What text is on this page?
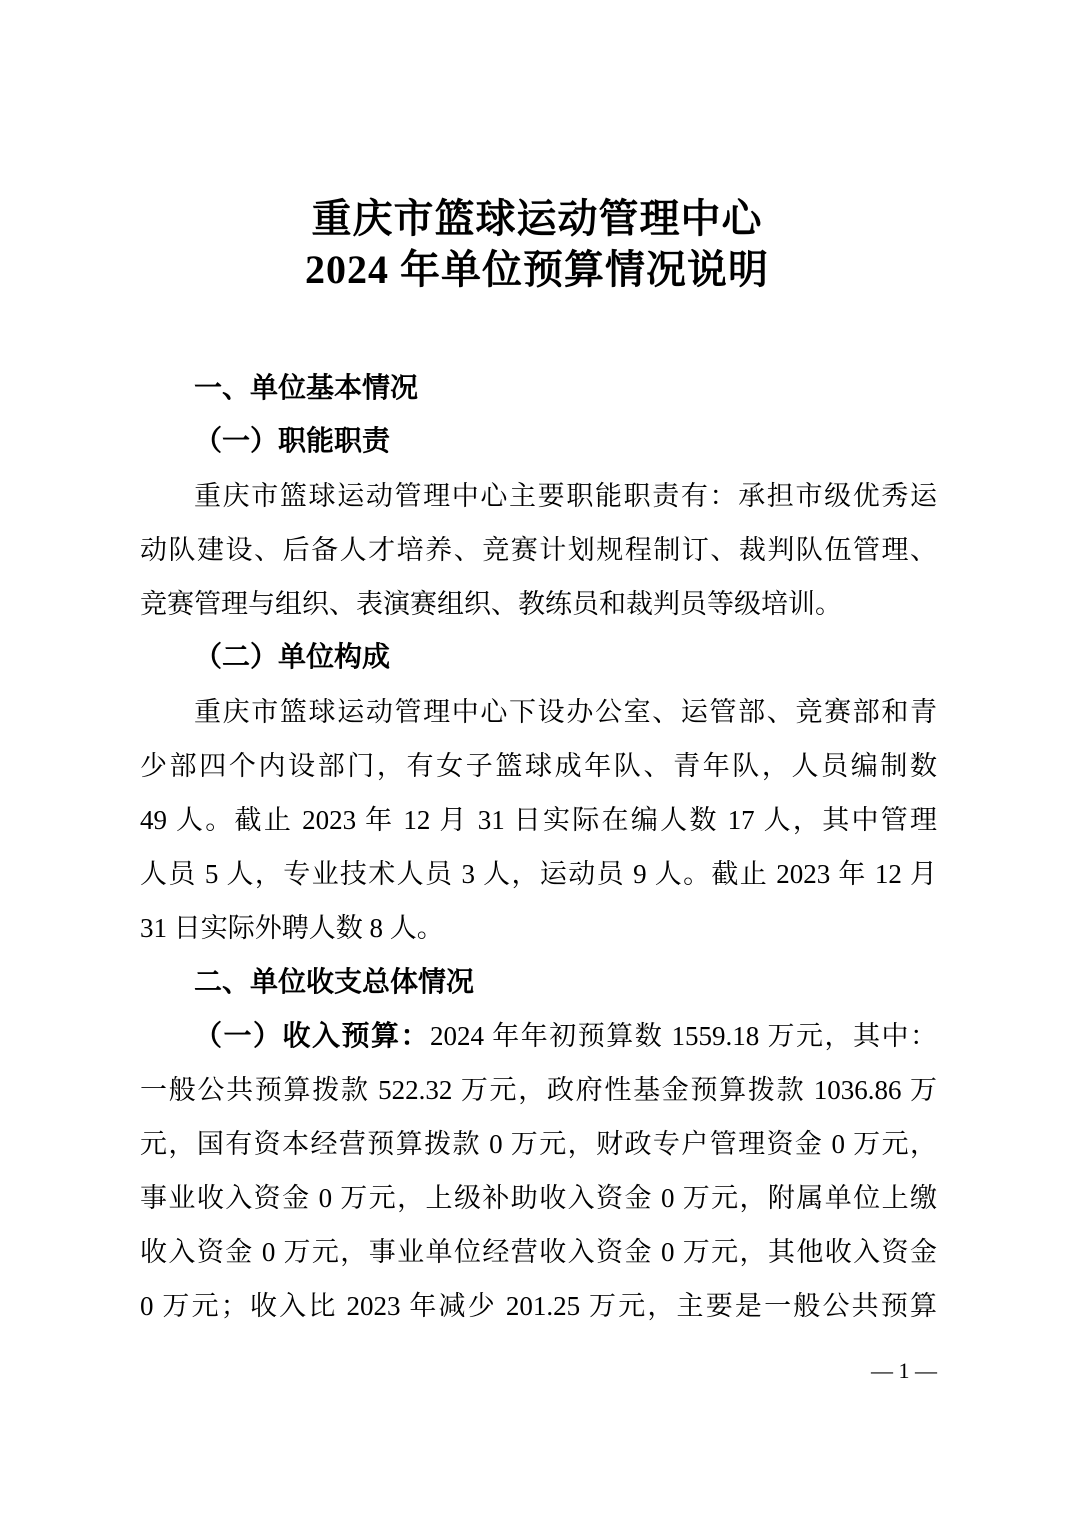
重庆市篮球运动管理中心
2024 年单位预算情况说明
一、单位基本情况
（一）职能职责
重庆市篮球运动管理中心主要职能职责有：承担市级优秀运
动队建设、后备人才培养、竞赛计划规程制订、裁判队伍管理、
竞赛管理与组织、表演赛组织、教练员和裁判员等级培训。
（二）单位构成
重庆市篮球运动管理中心下设办公室、运管部、竞赛部和青
少部四个内设部门，有女子篮球成年队、青年队，人员编制数
49 人。截止 2023 年 12 月 31 日实际在编人数 17 人，其中管理
人员 5 人，专业技术人员 3 人，运动员 9 人。截止 2023 年 12 月
31 日实际外聘人数 8 人。
二、单位收支总体情况
（一）收入预算：2024 年年初预算数 1559.18 万元，其中：
一般公共预算拨款 522.32 万元，政府性基金预算拨款 1036.86 万
元，国有资本经营预算拨款 0 万元，财政专户管理资金 0 万元，
事业收入资金 0 万元，上级补助收入资金 0 万元，附属单位上缴
收入资金 0 万元，事业单位经营收入资金 0 万元，其他收入资金
0 万元；收入比 2023 年减少 201.25 万元，主要是一般公共预算
— 1 —
